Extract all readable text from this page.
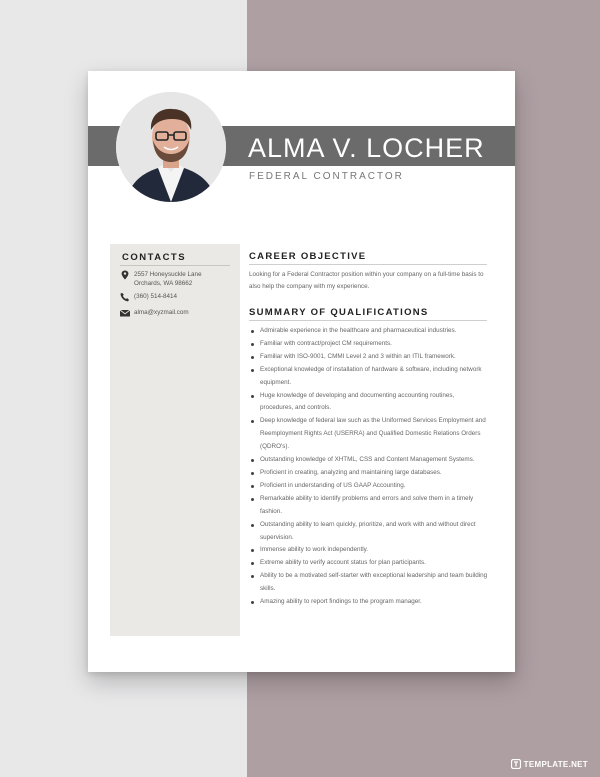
ALMA V. LOCHER
FEDERAL CONTRACTOR
CONTACTS
2557 Honeysuckle Lane
Orchards, WA 98662
(360) 514-8414
alma@xyzmail.com
CAREER OBJECTIVE

Looking for a Federal Contractor position within your company on a full-time basis to also help the company with my experience.

SUMMARY OF QUALIFICATIONS
Admirable experience in the healthcare and pharmaceutical industries.
Familiar with contract/project CM requirements.
Familiar with ISO-9001, CMMI Level 2 and 3 within an ITIL framework.
Exceptional knowledge of installation of hardware & software, including network equipment.
Huge knowledge of developing and documenting accounting routines, procedures, and controls.
Deep knowledge of federal law such as the Uniformed Services Employment and Reemployment Rights Act (USERRA) and Qualified Domestic Relations Orders (QDRO's).
Outstanding knowledge of XHTML, CSS and Content Management Systems.
Proficient in creating, analyzing and maintaining large databases.
Proficient in understanding of US GAAP Accounting.
Remarkable ability to identify problems and errors and solve them in a timely fashion.
Outstanding ability to learn quickly, prioritize, and work with and without direct supervision.
Immense ability to work independently.
Extreme ability to verify account status for plan participants.
Ability to be a motivated self-starter with exceptional leadership and team building skills.
Amazing ability to report findings to the program manager.
TEMPLATE.NET
